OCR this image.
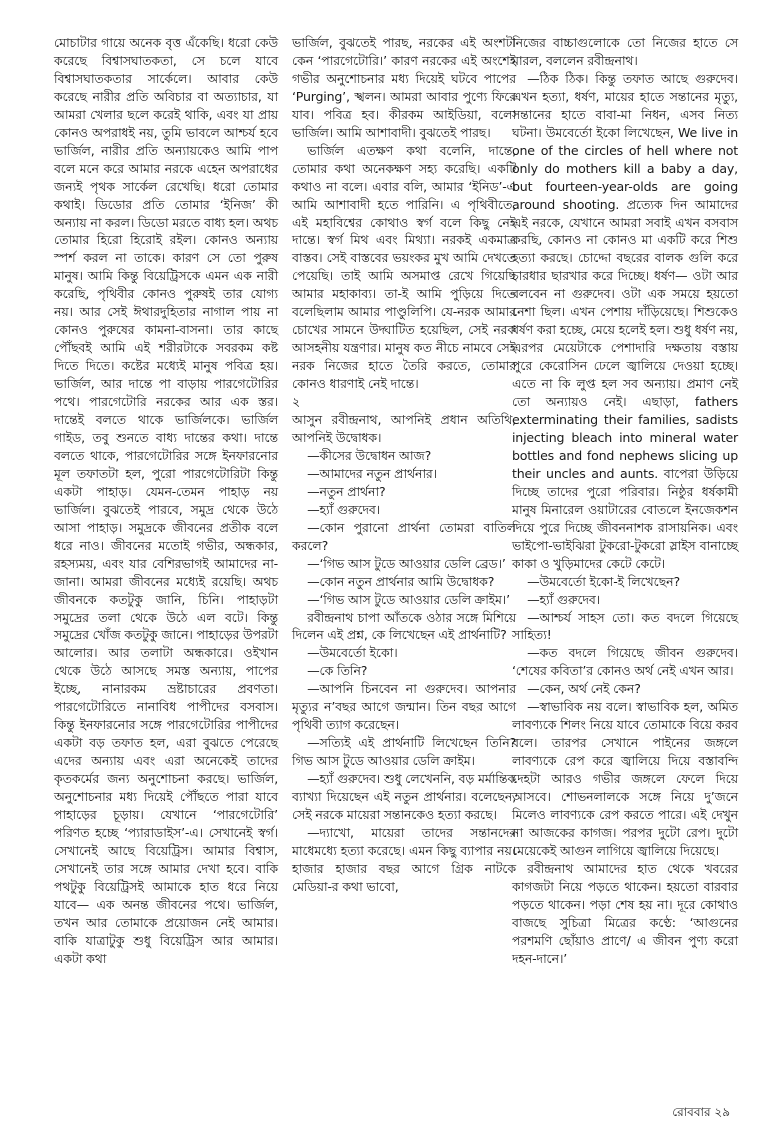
মোচাটার গায়ে অনেক বৃত্ত এঁকেছি। ধরো কেউ করেছে বিশ্বাসঘাতকতা, সে চলে যাবে বিশ্বাসঘাতকতার সার্কেলে। আবার কেউ করেছে নারীর প্রতি অবিচার বা অত্যাচার, যা আমরা খেলার ছলে করেই থাকি, এবং যা প্রায় কোনও অপরাধই নয়, তুমি ভাবলে আশ্চর্য হবে ভার্জিল, নারীর প্রতি অন্যায়কেও আমি পাপ বলে মনে করে আমার নরকে এহেন অপরাধের জন্যই পৃথক সার্কেল রেখেছি। ধরো তোমার কথাই। ডিডোর প্রতি তোমার ‘ইনিজ’ কী অন্যায় না করল। ডিডো মরতে বাধ্য হল। অথচ তোমার হিরো হিরোই রইল। কোনও অন্যায় স্পর্শ করল না তাকে। কারণ সে তো পুরুষ মানুষ। আমি কিন্তু বিয়েট্রিসকে এমন এক নারী করেছি, পৃথিবীর কোনও পুরুষই তার যোগ্য নয়। আর সেই ঈথারদুহিতার নাগাল পায় না কোনও পুরুষের কামনা-বাসনা। তার কাছে পৌঁছবই আমি এই শরীরটাকে সবরকম কষ্ট দিতে দিতে। কষ্টের মধ্যেই মানুষ পবিত্র হয়। ভার্জিল, আর দান্তে পা বাড়ায় পারগেটোরির পথে। পারগেটোরি নরকের আর এক স্তর। দান্তেই বলতে থাকে ভার্জিলকে। ভার্জিল গাইড, তবু শুনতে বাধ্য দান্তের কথা। দান্তে বলতে থাকে, পারগেটোরির সঙ্গে ইনফারনোর মূল তফাতটা হল, পুরো পারগেটোরিটা কিন্তু একটা পাহাড়। যেমন-তেমন পাহাড় নয় ভার্জিল। বুঝতেই পারবে, সমুদ্র থেকে উঠে আসা পাহাড়। সমুদ্রকে জীবনের প্রতীক বলে ধরে নাও। জীবনের মতোই গভীর, অন্ধকার, রহস্যময়, এবং যার বেশিরভাগই আমাদের না-জানা। আমরা জীবনের মধ্যেই রয়েছি। অথচ জীবনকে কতটুকু জানি, চিনি। পাহাড়টা সমুদ্রের তলা থেকে উঠে এল বটে। কিন্তু সমুদ্রের খোঁজ কতটুকু জানে। পাহাড়ের উপরটা আলোর। আর তলাটা অন্ধকারে। ওইখান থেকে উঠে আসছে সমস্ত অন্যায়, পাপের ইচ্ছে, নানারকম ভ্রষ্টাচারের প্রবণতা। পারগেটোরিতে নানাবিধ পাপীদের বসবাস। কিন্তু ইনফারনোর সঙ্গে পারগেটোরির পাপীদের একটা বড় তফাত হল, এরা বুঝতে পেরেছে এদের অন্যায় এবং এরা অনেকেই তাদের কৃতকর্মের জন্য অনুশোচনা করছে। ভার্জিল, অনুশোচনার মধ্য দিয়েই পৌঁছতে পারা যাবে পাহাড়ের চূড়ায়। যেখানে ‘পারগেটোরি’ পরিণত হচ্ছে ‘প্যারাডাইস’-এ। সেখানেই স্বর্গ। সেখানেই আছে বিয়েট্রিস। আমার বিশ্বাস, সেখানেই তার সঙ্গে আমার দেখা হবে। বাকি পথটুকু বিয়েট্রিসই আমাকে হাত ধরে নিয়ে যাবে— এক অনন্ত জীবনের পথে। ভার্জিল, তখন আর তোমাকে প্রয়োজন নেই আমার। বাকি যাত্রাটুকু শুধু বিয়েট্রিস আর আমার। একটা কথা

ভার্জিল, বুঝতেই পারছ, নরকের এই অংশটা কেন ‘পারগেটোরি।’ কারণ নরকের এই অংশেই গভীর অনুশোচনার মধ্য দিয়েই ঘটবে পাপের ‘Purging’, স্খলন। আমরা আবার পুণ্যে ফিরে যাব। পবিত্র হব। কীরকম আইডিয়া, বলো ভার্জিল। আমি আশাবাদী। বুঝতেই পারছ।

ভার্জিল এতক্ষণ কথা বলেনি, দান্তে, তোমার কথা অনেকক্ষণ সহ্য করেছি। একটি কথাও না বলে। এবার বলি, আমার ‘ইনিড’-এ আমি আশাবাদী হতে পারিনি। এ পৃথিবীতে, এই মহাবিশ্বের কোথাও স্বর্গ বলে কিছু নেই দান্তে। স্বর্গ মিথ এবং মিথ্যা। নরকই একমাত্র বাস্তব। সেই বাস্তবের ভয়ংকর মুখ আমি দেখতে পেয়েছি। তাই আমি অসমাপ্ত রেখে গিয়েছি আমার মহাকাব্য। তা-ই আমি পুড়িয়ে দিতে বলেছিলাম আমার পাণ্ডুলিপি। যে-নরক আমার চোখের সামনে উদ্ঘাটিত হয়েছিল, সেই নরক আসহনীয় যন্ত্রণার। মানুষ কত নীচে নামবে সেই নরক নিজের হাতে তৈরি করতে, তোমার কোনও ধারণাই নেই দান্তে।

২

আসুন রবীন্দ্রনাথ, আপনিই প্রধান অতিথি, আপনিই উদ্বোধক।

—কীসের উদ্বোধন আজ?

—আমাদের নতুন প্রার্থনার।

—নতুন প্রার্থনা?

—হ্যাঁ গুরুদেব।

—কোন পুরানো প্রার্থনা তোমরা বাতিল করলে?

—‘গিভ আস টুডে আওয়ার ডেলি ব্রেড।’

—কোন নতুন প্রার্থনার আমি উদ্বোধক?

—‘গিভ আস টুডে আওয়ার ডেলি ক্রাইম।’

রবীন্দ্রনাথ চাপা আঁতকে ওঠার সঙ্গে মিশিয়ে দিলেন এই প্রশ্ন, কে লিখেছেন এই প্রার্থনাটি?

—উমবের্তো ইকো।

—কে তিনি?

—আপনি চিনবেন না গুরুদেব। আপনার মৃত্যুর ন’বছর আগে জন্মান। তিন বছর আগে পৃথিবী ত্যাগ করেছেন।

—সত্যিই এই প্রার্থনাটি লিখেছেন তিনি? গিভ আস টুডে আওয়ার ডেলি ক্রাইম।

—হ্যাঁ গুরুদেব। শুধু লেখেননি, বড় মর্মান্তিক ব্যাখ্যা দিয়েছেন এই নতুন প্রার্থনার। বলেছেন, সেই নরকে মায়েরা সন্তানকেও হত্যা করছে।

—দ্যাখো, মায়েরা তাদের সন্তানদের মাধেমধ্যে হত্যা করেছে। এমন কিছু ব্যাপার নয়। হাজার হাজার বছর আগে গ্রিক নাটকে মেডিয়া-র কথা ভাবো,

নিজের বাচ্চাগুলোকে তো নিজের হাতে সে মারল, বললেন রবীন্দ্রনাথ।

—ঠিক ঠিক। কিন্তু তফাত আছে গুরুদেব। এখন হত্যা, ধর্ষণ, মায়ের হাতে সন্তানের মৃত্যু, সন্তানের হাতে বাবা-মা নিধন, এসব নিত্য ঘটনা। উমবের্তো ইকো লিখেছেন, We live in one of the circles of hell where not only do mothers kill a baby a day, but fourteen-year-olds are going around shooting. প্রত্যেক দিন আমাদের এই নরকে, যেখানে আমরা সবাই এখন বসবাস করছি, কোনও না কোনও মা একটি করে শিশু হত্যা করছে। চোদ্দো বছরের বালক গুলি করে চারধার ছারখার করে দিচ্ছে। ধর্ষণ— ওটা আর বলবেন না গুরুদেব। ওটা এক সময়ে হয়তো নেশা ছিল। এখন পেশায় দাঁড়িয়েছে। শিশুকেও ধর্ষণ করা হচ্ছে, মেয়ে হলেই হল। শুধু ধর্ষণ নয়, এরপর মেয়েটাকে পেশাদারি দক্ষতায় বস্তায় পুরে কেরোসিন ঢেলে জ্বালিয়ে দেওয়া হচ্ছে। এতে না কি লুপ্ত হল সব অন্যায়। প্রমাণ নেই তো অন্যায়ও নেই। এছাড়া, fathers exterminating their families, sadists injecting bleach into mineral water bottles and fond nephews slicing up their uncles and aunts. বাপেরা উড়িয়ে দিচ্ছে তাদের পুরো পরিবার। নিষ্ঠুর ধর্ষকামী মানুষ মিনারেল ওয়াটারের বোতলে ইনজেকশন দিয়ে পুরে দিচ্ছে জীবননাশক রাসায়নিক। এবং ভাইপো-ভাইঝিরা টুকরো-টুকরো স্লাইস বানাচ্ছে কাকা ও খুড়িমাদের কেটে কেটে।

—উমবের্তো ইকো-ই লিখেছেন?

—হ্যাঁ গুরুদেব।

—আশ্চর্য সাহস তো। কত বদলে গিয়েছে সাহিত্য!

—কত বদলে গিয়েছে জীবন গুরুদেব। ‘শেষের কবিতা’র কোনও অর্থ নেই এখন আর।

—কেন, অর্থ নেই কেন?

—স্বাভাবিক নয় বলে। স্বাভাবিক হল, অমিত লাবণ্যকে শিলং নিয়ে যাবে তোমাকে বিয়ে করব বলে। তারপর সেখানে পাইনের জঙ্গলে লাবণ্যকে রেপ করে জ্বালিয়ে দিয়ে বস্তাবন্দি দেহটা আরও গভীর জঙ্গলে ফেলে দিয়ে আসবে। শোভনলালকে সঙ্গে নিয়ে দু’জনে মিলেও লাবণ্যকে রেপ করতে পারে। এই দেখুন না আজকের কাগজ। পরপর দুটো রেপ। দুটো মেয়েকেই আগুন লাগিয়ে জ্বালিয়ে দিয়েছে।

রবীন্দ্রনাথ আমাদের হাত থেকে খবরের কাগজটা নিয়ে পড়তে থাকেন। হয়তো বারবার পড়তে থাকেন। পড়া শেষ হয় না। দূরে কোথাও বাজছে সুচিত্রা মিত্রের কণ্ঠে: ‘আগুনের পরশমণি ছোঁয়াও প্রাণে/ এ জীবন পুণ্য করো দহন-দানে।’

রোববার ২৯
